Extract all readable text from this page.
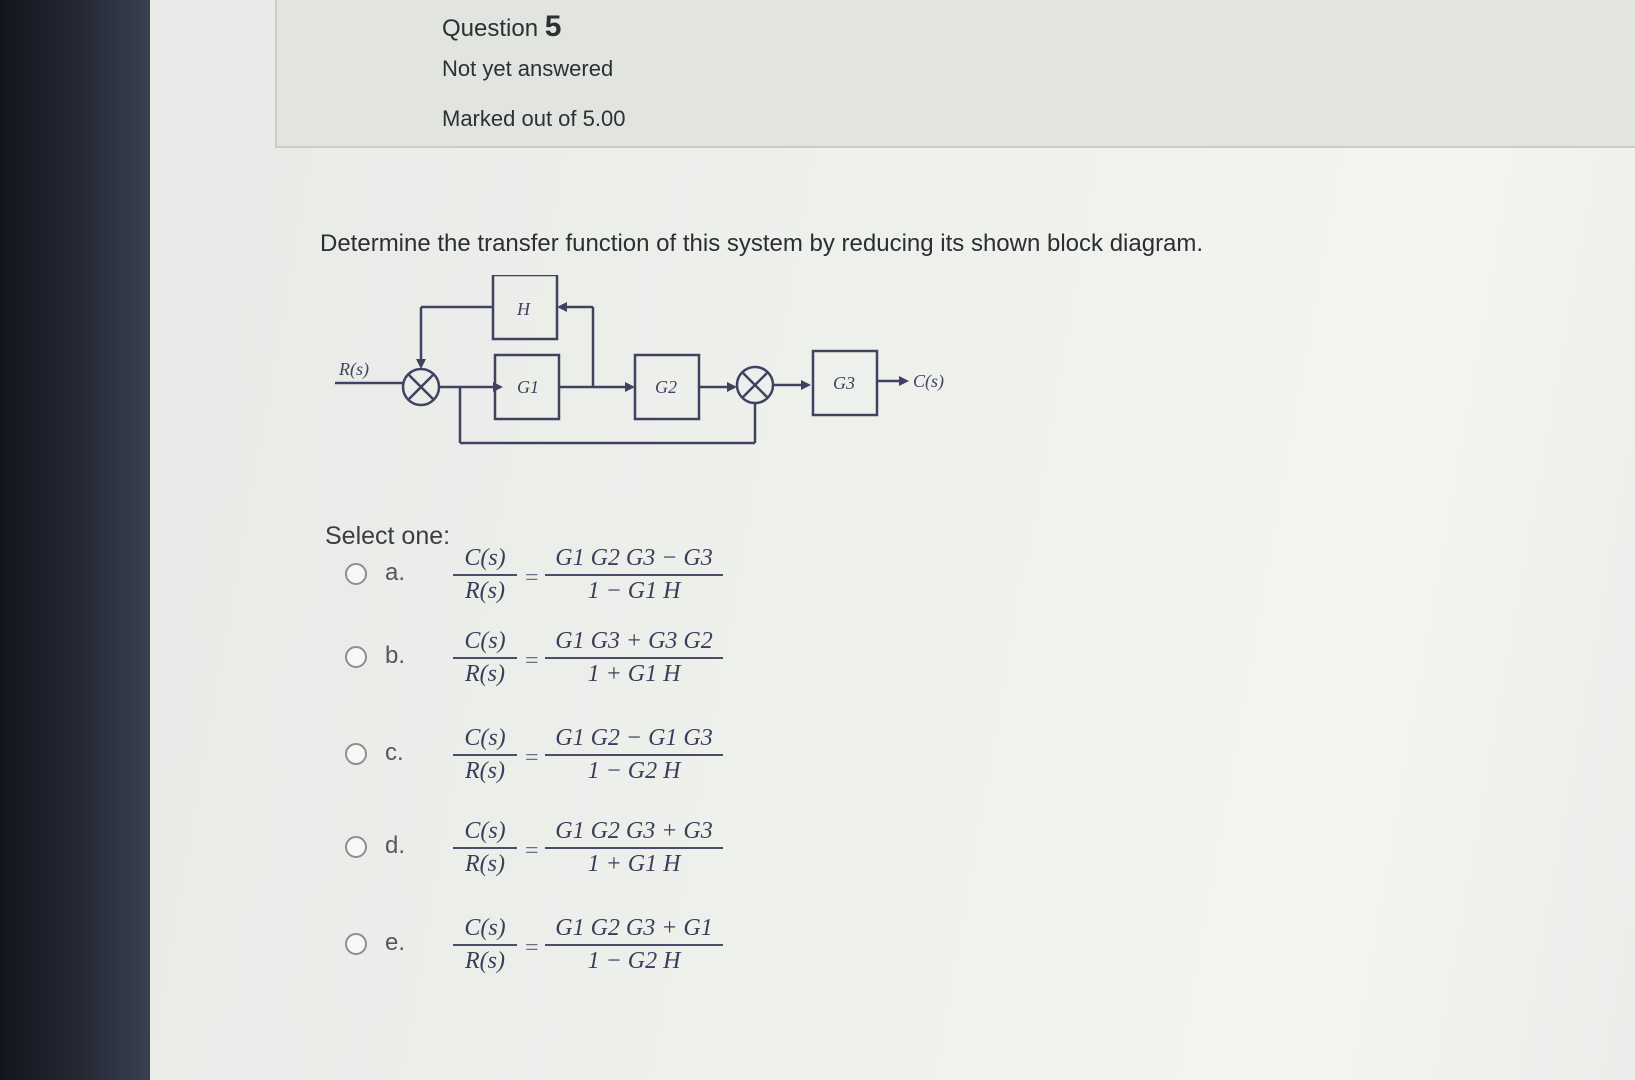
Question 5
Not yet answered
Marked out of 5.00
Determine the transfer function of this system by reducing its shown block diagram.
R(s)
C(s)
H
G1	G2	G3
Select one:
a.
C(s)
R(s) =
G1 G2 G3 − G3
1 − G1 H
b.
C(s)
R(s) =
G1 G3 + G3 G2
1 + G1 H
c.
C(s)
R(s) =
G1 G2 − G1 G3
1 − G2 H
d.
C(s)
R(s) =
G1 G2 G3 + G3
1 + G1 H
e.
C(s)
R(s) =
G1 G2 G3 + G1
1 − G2 H
